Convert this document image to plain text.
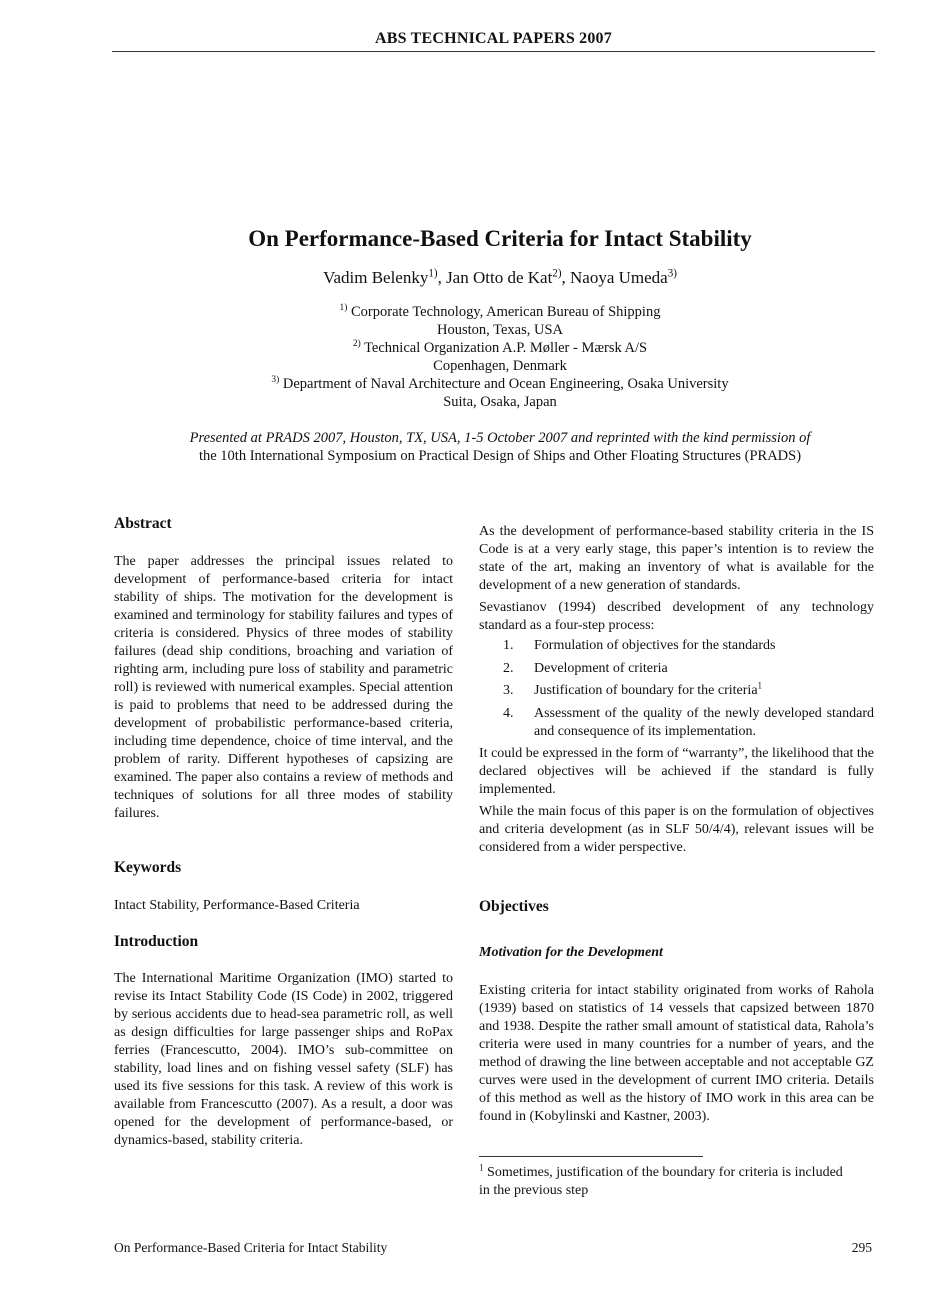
ABS TECHNICAL PAPERS 2007
On Performance-Based Criteria for Intact Stability
Vadim Belenky$^{1)}$, Jan Otto de Kat$^{2)}$, Naoya Umeda$^{3)}$
$^{1)}$ Corporate Technology, American Bureau of Shipping
Houston, Texas, USA
$^{2)}$ Technical Organization A.P. Møller - Mærsk A/S
Copenhagen, Denmark
$^{3)}$ Department of Naval Architecture and Ocean Engineering, Osaka University
Suita, Osaka, Japan
Presented at PRADS 2007, Houston, TX, USA, 1-5 October 2007 and reprinted with the kind permission of
the 10th International Symposium on Practical Design of Ships and Other Floating Structures (PRADS)
Abstract

The paper addresses the principal issues related to development of performance-based criteria for intact stability of ships. The motivation for the development is examined and terminology for stability failures and types of criteria is considered. Physics of three modes of stability failures (dead ship conditions, broaching and variation of righting arm, including pure loss of stability and parametric roll) is reviewed with numerical examples. Special attention is paid to problems that need to be addressed during the development of probabilistic performance-based criteria, including time dependence, choice of time interval, and the problem of rarity. Different hypotheses of capsizing are examined. The paper also contains a review of methods and techniques of solutions for all three modes of stability failures.

Keywords

Intact Stability, Performance-Based Criteria

Introduction

The International Maritime Organization (IMO) started to revise its Intact Stability Code (IS Code) in 2002, triggered by serious accidents due to head-sea parametric roll, as well as design difficulties for large passenger ships and RoPax ferries (Francescutto, 2004). IMO’s sub-committee on stability, load lines and on fishing vessel safety (SLF) has used its five sessions for this task. A review of this work is available from Francescutto (2007). As a result, a door was opened for the development of performance-based, or dynamics-based, stability criteria.

As the development of performance-based stability criteria in the IS Code is at a very early stage, this paper’s intention is to review the state of the art, making an inventory of what is available for the development of a new generation of standards.

Sevastianov (1994) described development of any technology standard as a four-step process:

1. Formulation of objectives for the standards
2. Development of criteria
3. Justification of boundary for the criteria$^1$
4. Assessment of the quality of the newly developed standard and consequence of its implementation.

It could be expressed in the form of “warranty”, the likelihood that the declared objectives will be achieved if the standard is fully implemented.

While the main focus of this paper is on the formulation of objectives and criteria development (as in SLF 50/4/4), relevant issues will be considered from a wider perspective.

Objectives
Motivation for the Development

Existing criteria for intact stability originated from works of Rahola (1939) based on statistics of 14 vessels that capsized between 1870 and 1938. Despite the rather small amount of statistical data, Rahola’s criteria were used in many countries for a number of years, and the method of drawing the line between acceptable and not acceptable GZ curves were used in the development of current IMO criteria. Details of this method as well as the history of IMO work in this area can be found in (Kobylinski and Kastner, 2003).

$^1$ Sometimes, justification of the boundary for criteria is included in the previous step
On Performance-Based Criteria for Intact Stability	295
